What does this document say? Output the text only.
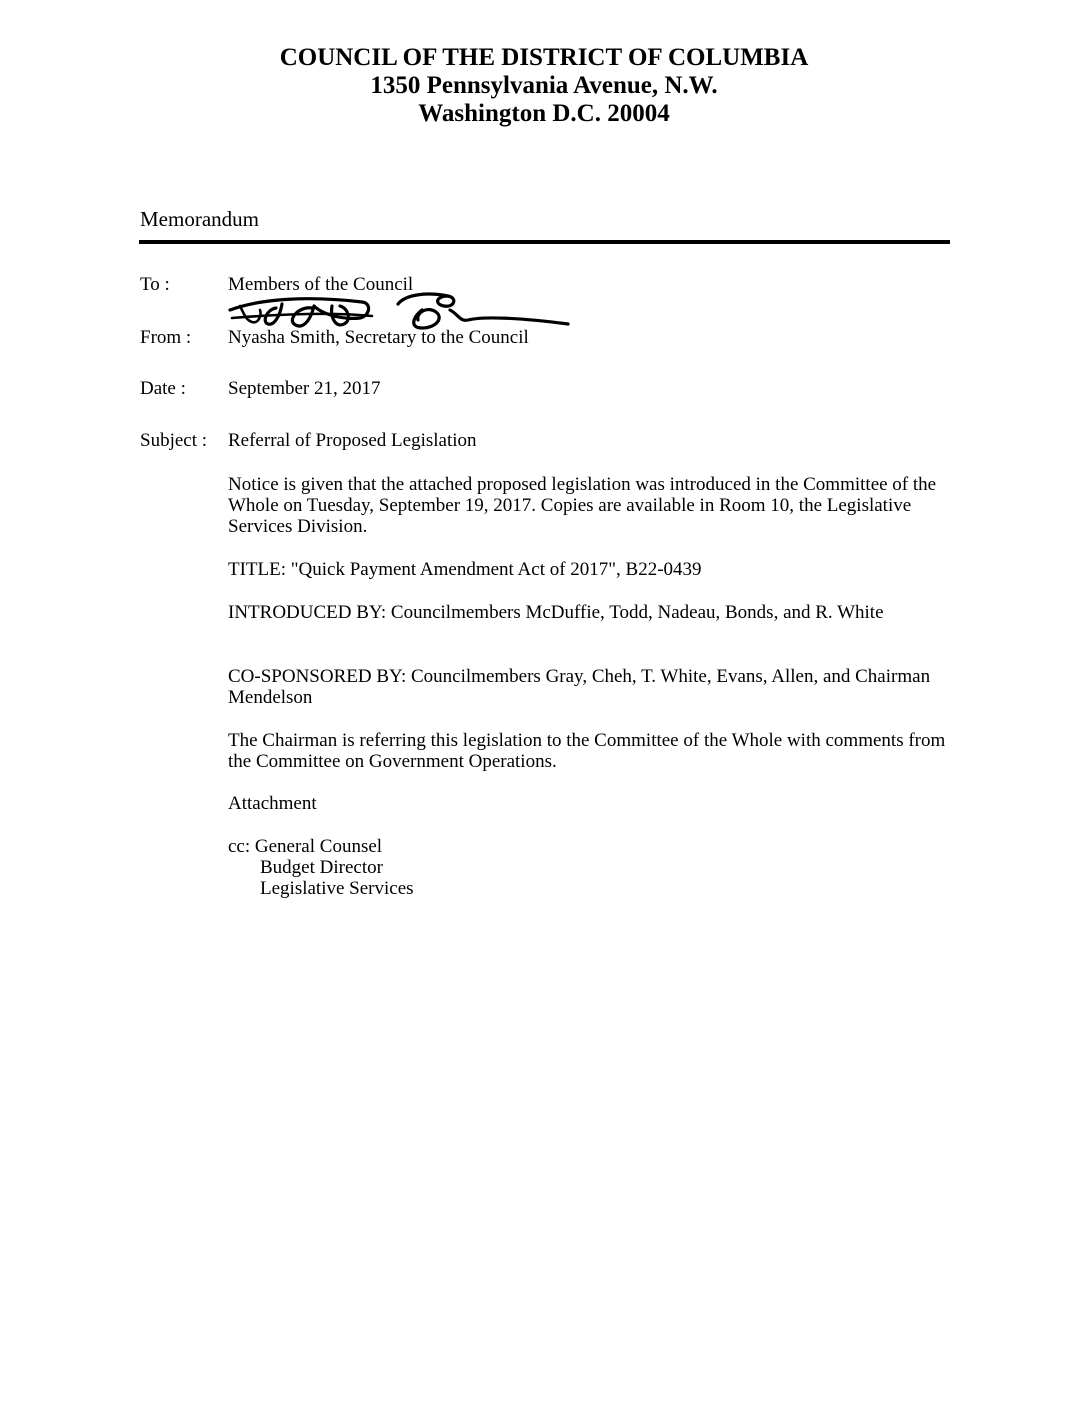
COUNCIL OF THE DISTRICT OF COLUMBIA
1350 Pennsylvania Avenue, N.W.
Washington D.C. 20004
Memorandum
To :	Members of the Council
From : Nyasha Smith, Secretary to the Council
Date : September 21, 2017
Subject : Referral of Proposed Legislation
Notice is given that the attached proposed legislation was introduced in the Committee of the Whole on Tuesday, September 19, 2017. Copies are available in Room 10, the Legislative Services Division.
TITLE: "Quick Payment Amendment Act of 2017", B22-0439
INTRODUCED BY: Councilmembers McDuffie, Todd, Nadeau, Bonds, and R. White
CO-SPONSORED BY: Councilmembers Gray, Cheh, T. White, Evans, Allen, and Chairman Mendelson
The Chairman is referring this legislation to the Committee of the Whole with comments from the Committee on Government Operations.
Attachment
cc: General Counsel
Budget Director
Legislative Services
